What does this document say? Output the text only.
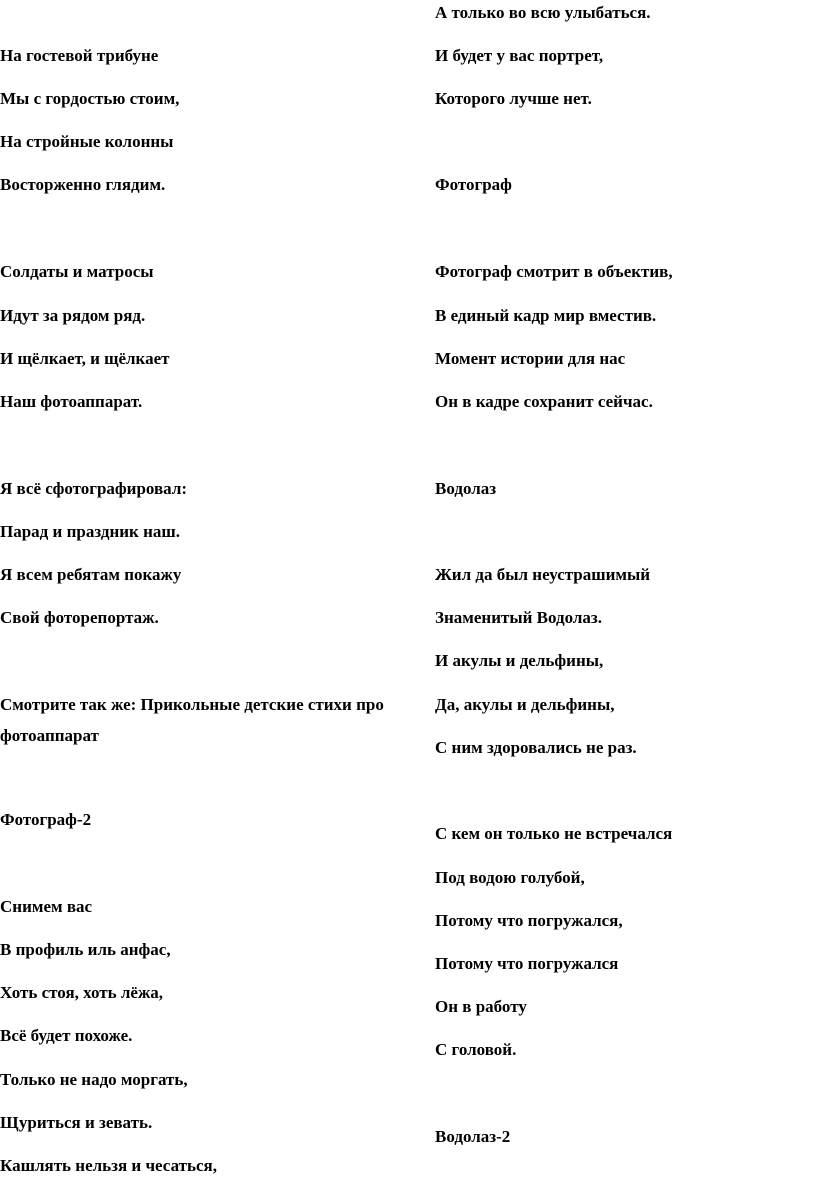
На гостевой трибуне
Мы с гордостью стоим,
На стройные колонны
Восторженно глядим.
Солдаты и матросы
Идут за рядом ряд.
И щёлкает, и щёлкает
Наш фотоаппарат.
Я всё сфотографировал:
Парад и праздник наш.
Я всем ребятам покажу
Свой фоторепортаж.
Смотрите так же: Прикольные детские стихи про фотоаппарат
Фотограф-2
Снимем вас
В профиль иль анфас,
Хоть стоя, хоть лёжа,
Всё будет похоже.
Только не надо моргать,
Щуриться и зевать.
Кашлять нельзя и чесаться,
А только во всю улыбаться.
И будет у вас портрет,
Которого лучше нет.
Фотограф
Фотограф смотрит в объектив,
В единый кадр мир вместив.
Момент истории для нас
Он в кадре сохранит сейчас.
Водолаз
Жил да был неустрашимый
Знаменитый Водолаз.
И акулы и дельфины,
Да, акулы и дельфины,
С ним здоровались не раз.
С кем он только не встречался
Под водою голубой,
Потому что погружался,
Потому что погружался
Он в работу
С головой.
Водолаз-2
